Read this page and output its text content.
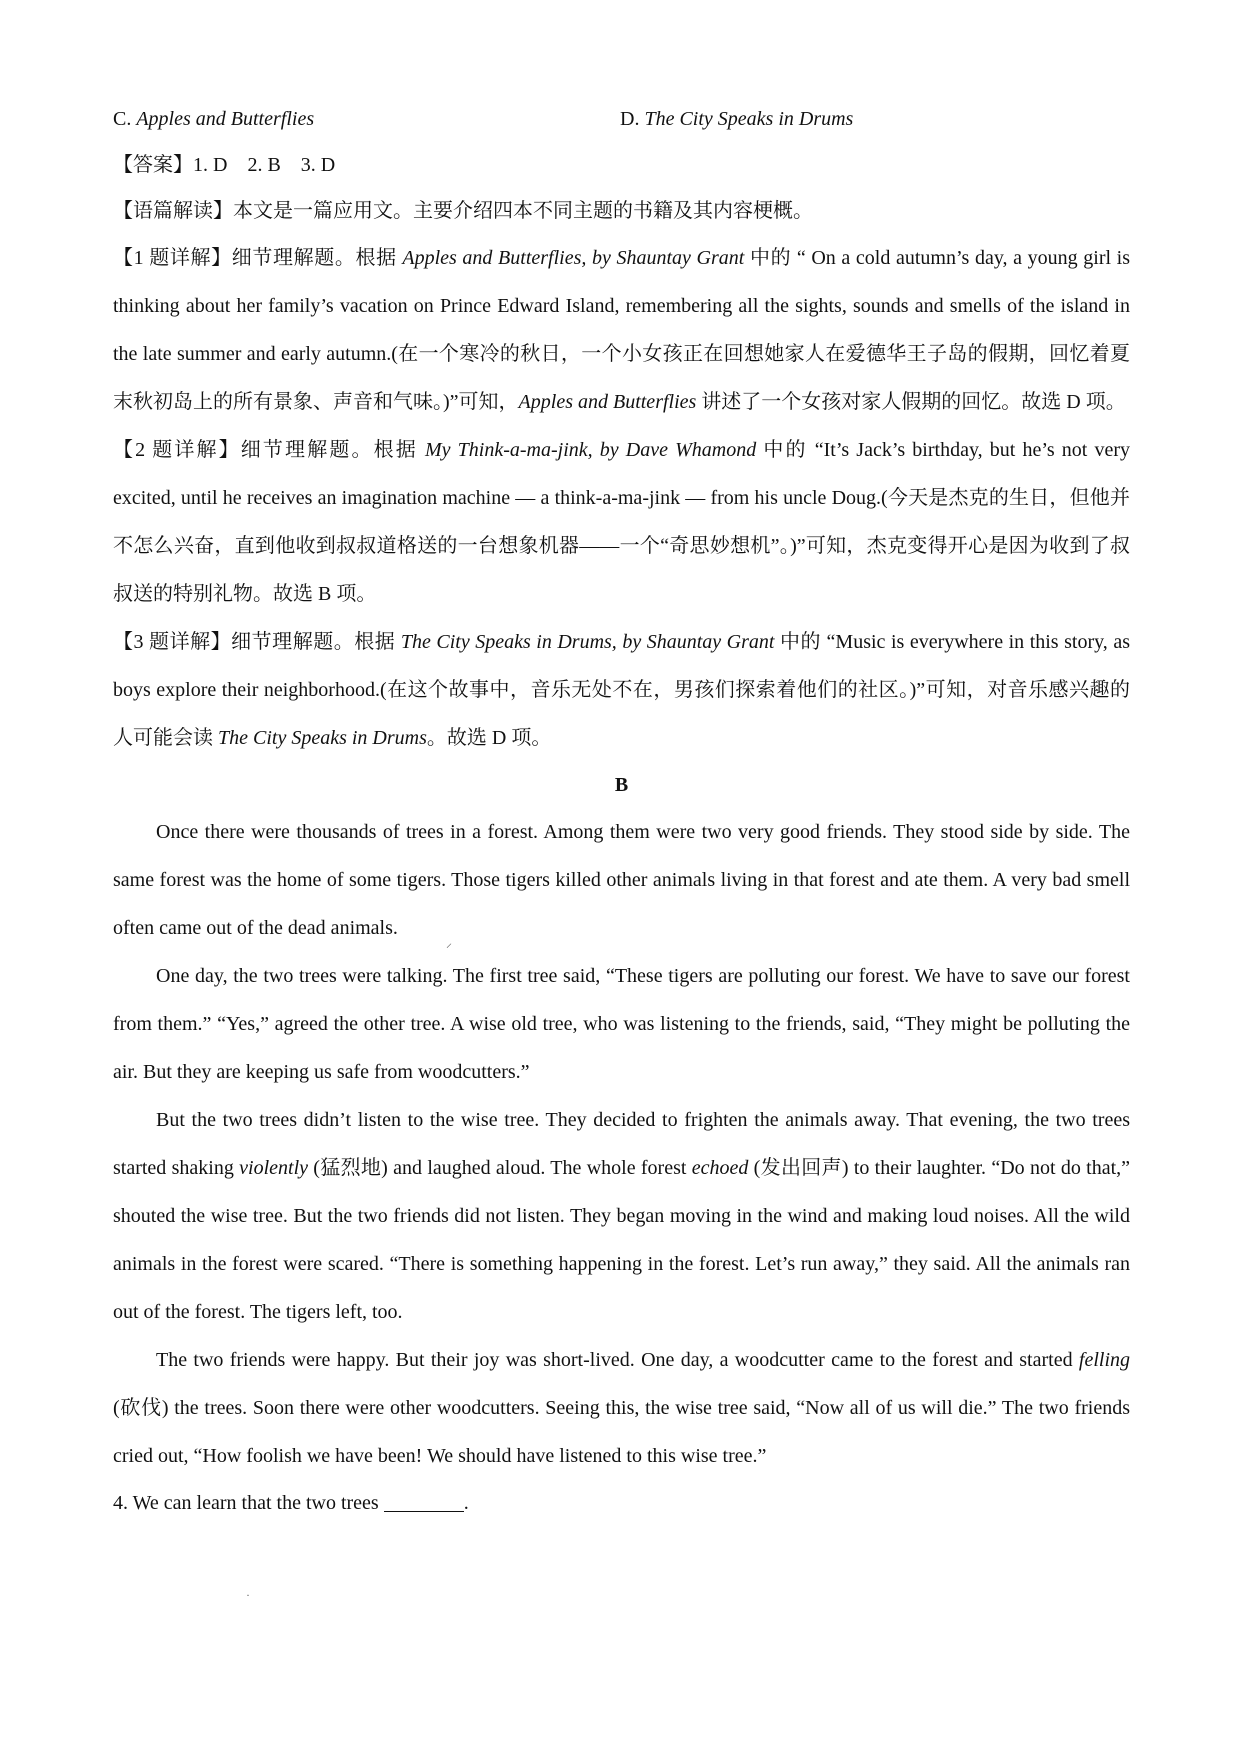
C. Apples and Butterflies	D. The City Speaks in Drums

【答案】1. D    2. B    3. D

【语篇解读】本文是一篇应用文。主要介绍四本不同主题的书籍及其内容梗概。

【1 题详解】细节理解题。根据 Apples and Butterflies, by Shauntay Grant 中的 “ On a cold autumn’s day, a young girl is thinking about her family’s vacation on Prince Edward Island, remembering all the sights, sounds and smells of the island in the late summer and early autumn.(在一个寒冷的秋日，一个小女孩正在回想她家人在爱德华王子岛的假期，回忆着夏末秋初岛上的所有景象、声音和气味。)”可知，Apples and Butterflies 讲述了一个女孩对家人假期的回忆。故选 D 项。

【2 题详解】细节理解题。根据 My Think-a-ma-jink, by Dave Whamond 中的 “It’s Jack’s birthday, but he’s not very excited, until he receives an imagination machine — a think-a-ma-jink — from his uncle Doug.(今天是杰克的生日，但他并不怎么兴奋，直到他收到叔叔道格送的一台想象机器——一个“奇思妙想机”。)”可知，杰克变得开心是因为收到了叔叔送的特别礼物。故选 B 项。

【3 题详解】细节理解题。根据 The City Speaks in Drums, by Shauntay Grant 中的 “Music is everywhere in this story, as boys explore their neighborhood.(在这个故事中，音乐无处不在，男孩们探索着他们的社区。)”可知，对音乐感兴趣的人可能会读 The City Speaks in Drums。故选 D 项。

B

Once there were thousands of trees in a forest. Among them were two very good friends. They stood side by side. The same forest was the home of some tigers. Those tigers killed other animals living in that forest and ate them. A very bad smell often came out of the dead animals.

One day, the two trees were talking. The first tree said, “These tigers are polluting our forest. We have to save our forest from them.” “Yes,” agreed the other tree. A wise old tree, who was listening to the friends, said, “They might be polluting the air. But they are keeping us safe from woodcutters.”

But the two trees didn’t listen to the wise tree. They decided to frighten the animals away. That evening, the two trees started shaking violently (猛烈地) and laughed aloud. The whole forest echoed (发出回声) to their laughter. “Do not do that,” shouted the wise tree. But the two friends did not listen. They began moving in the wind and making loud noises. All the wild animals in the forest were scared. “There is something happening in the forest. Let’s run away,” they said. All the animals ran out of the forest. The tigers left, too.

The two friends were happy. But their joy was short-lived. One day, a woodcutter came to the forest and started felling (砍伐) the trees. Soon there were other woodcutters. Seeing this, the wise tree said, “Now all of us will die.” The two friends cried out, “How foolish we have been! We should have listened to this wise tree.”

4. We can learn that the two trees	.

⸝
·
